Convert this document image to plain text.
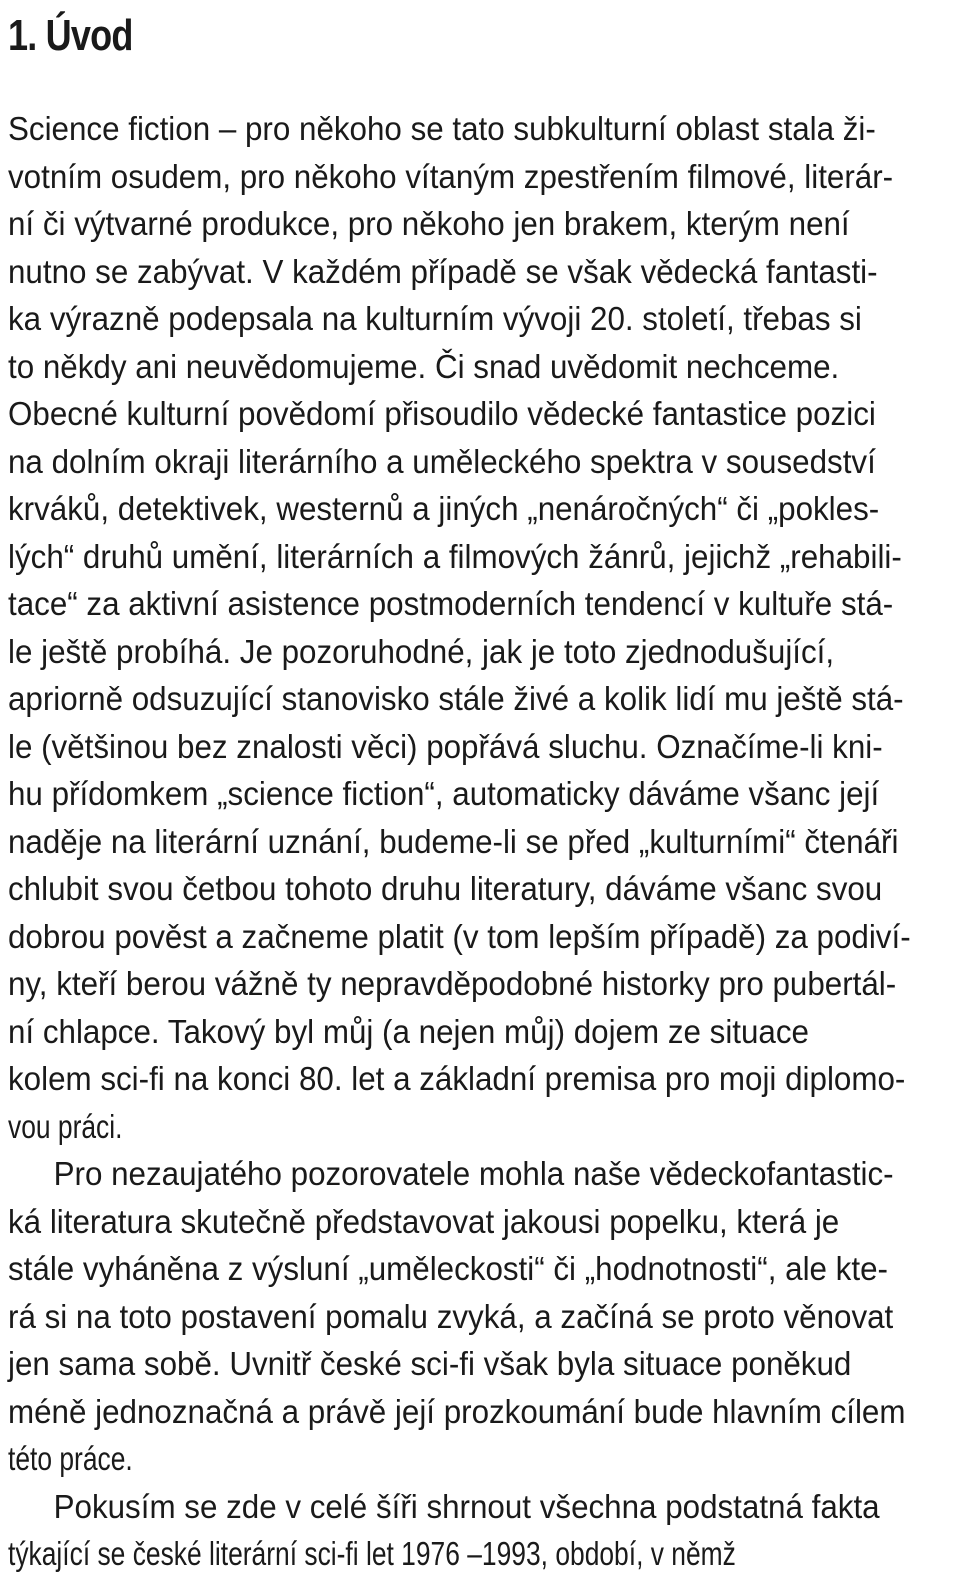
1. Úvod
Science fiction – pro někoho se tato subkulturní oblast stala ži-
votním osudem, pro někoho vítaným zpestřením filmové, literár-
ní či výtvarné produkce, pro někoho jen brakem, kterým není
nutno se zabývat. V každém případě se však vědecká fantasti-
ka výrazně podepsala na kulturním vývoji 20. století, třebas si
to někdy ani neuvědomujeme. Či snad uvědomit nechceme.
Obecné kulturní povědomí přisoudilo vědecké fantastice pozici
na dolním okraji literárního a uměleckého spektra v sousedství
krváků, detektivek, westernů a jiných „nenáročných“ či „pokles-
lých“ druhů umění, literárních a filmových žánrů, jejichž „rehabili-
tace“ za aktivní asistence postmoderních tendencí v kultuře stá-
le ještě probíhá. Je pozoruhodné, jak je toto zjednodušující,
apriorně odsuzující stanovisko stále živé a kolik lidí mu ještě stá-
le (většinou bez znalosti věci) popřává sluchu. Označíme-li kni-
hu přídomkem „science fiction“, automaticky dáváme všanc její
naděje na literární uznání, budeme-li se před „kulturními“ čtenáři
chlubit svou četbou tohoto druhu literatury, dáváme všanc svou
dobrou pověst a začneme platit (v tom lepším případě) za podiví-
ny, kteří berou vážně ty nepravděpodobné historky pro pubertál-
ní chlapce. Takový byl můj (a nejen můj) dojem ze situace
kolem sci-fi na konci 80. let a základní premisa pro moji diplomo-
vou práci.
Pro nezaujatého pozorovatele mohla naše vědeckofantastic-
ká literatura skutečně představovat jakousi popelku, která je
stále vyháněna z výsluní „uměleckosti“ či „hodnotnosti“, ale kte-
rá si na toto postavení pomalu zvyká, a začíná se proto věnovat
jen sama sobě. Uvnitř české sci-fi však byla situace poněkud
méně jednoznačná a právě její prozkoumání bude hlavním cílem
této práce.
Pokusím se zde v celé šíři shrnout všechna podstatná fakta
týkající se české literární sci-fi let 1976 –1993, období, v němž
